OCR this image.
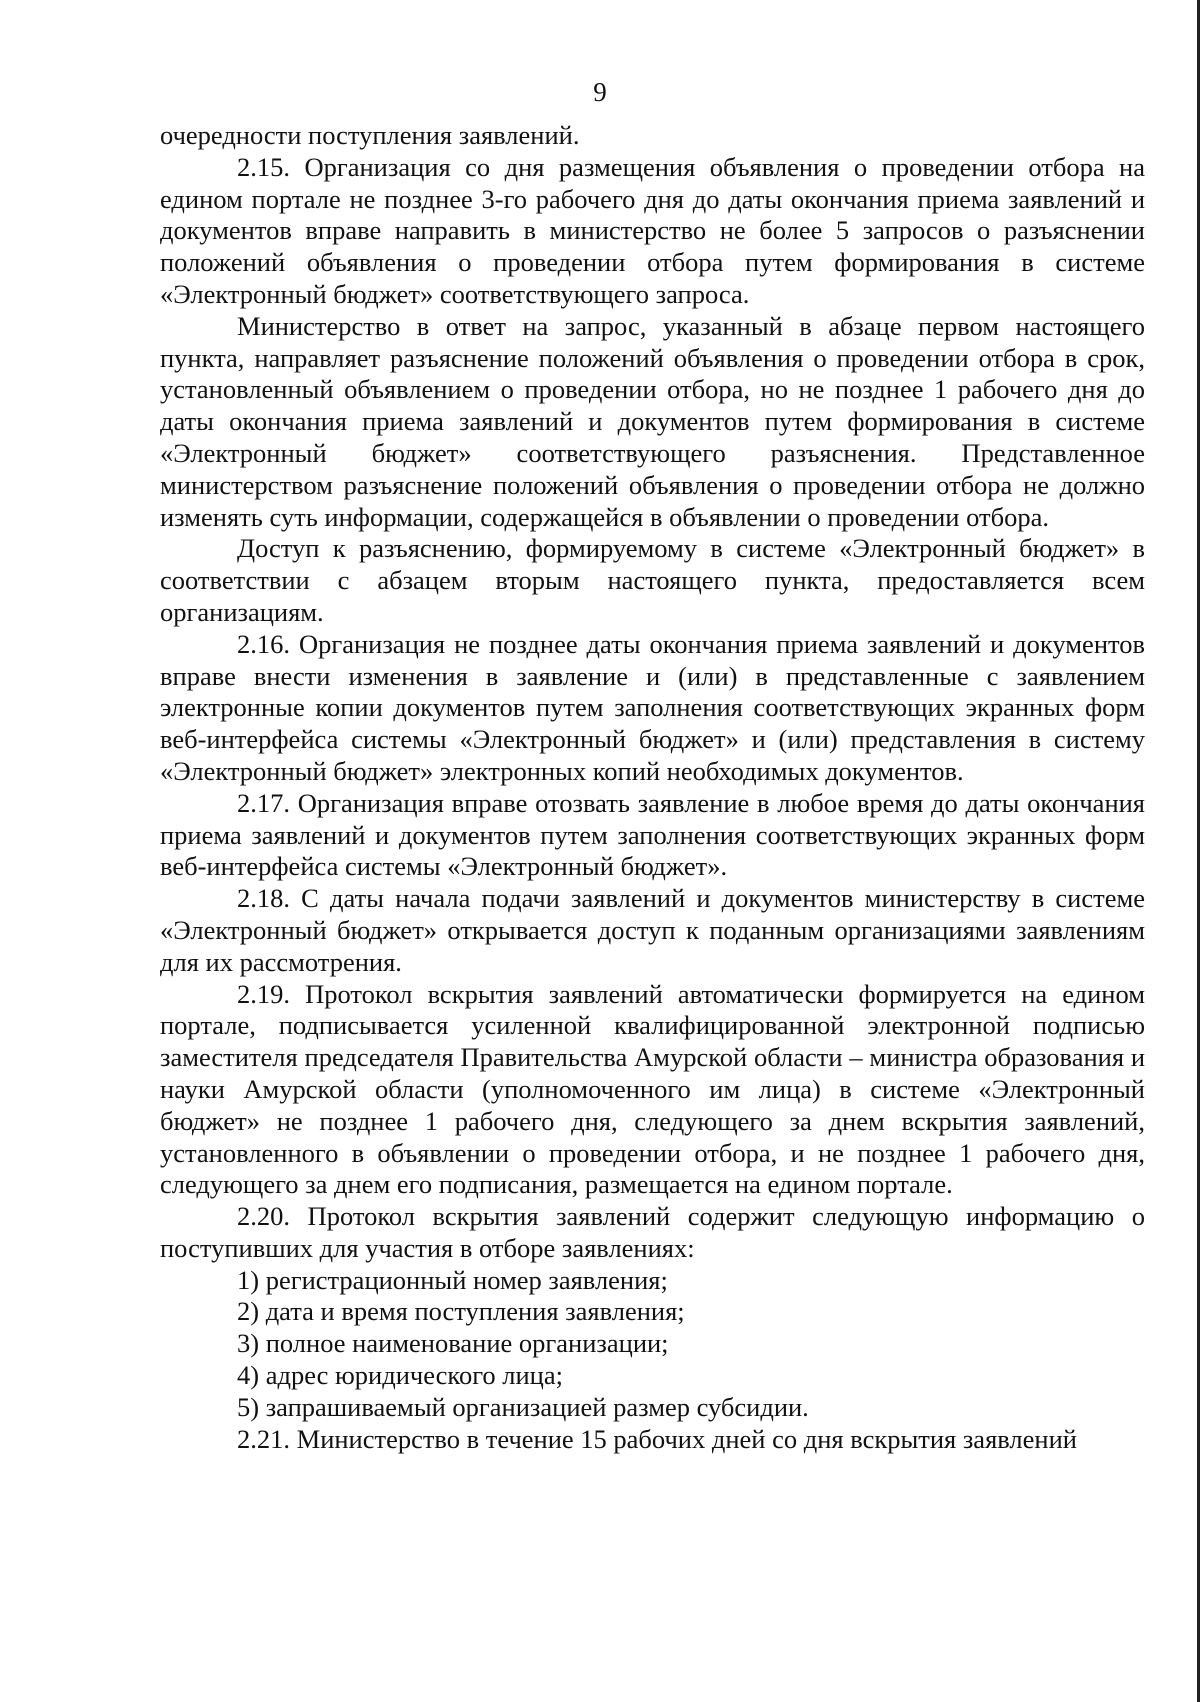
9

очередности поступления заявлений.

2.15. Организация со дня размещения объявления о проведении отбора на едином портале не позднее 3-го рабочего дня до даты окончания приема заявлений и документов вправе направить в министерство не более 5 запросов о разъяснении положений объявления о проведении отбора путем формирования в системе «Электронный бюджет» соответствующего запроса.

Министерство в ответ на запрос, указанный в абзаце первом настоящего пункта, направляет разъяснение положений объявления о проведении отбора в срок, установленный объявлением о проведении отбора, но не позднее 1 рабочего дня до даты окончания приема заявлений и документов путем формирования в системе «Электронный бюджет» соответствующего разъяснения. Представленное министерством разъяснение положений объявления о проведении отбора не должно изменять суть информации, содержащейся в объявлении о проведении отбора.

Доступ к разъяснению, формируемому в системе «Электронный бюджет» в соответствии с абзацем вторым настоящего пункта, предоставляется всем организациям.

2.16. Организация не позднее даты окончания приема заявлений и документов вправе внести изменения в заявление и (или) в представленные с заявлением электронные копии документов путем заполнения соответствующих экранных форм веб-интерфейса системы «Электронный бюджет» и (или) представления в систему «Электронный бюджет» электронных копий необходимых документов.

2.17. Организация вправе отозвать заявление в любое время до даты окончания приема заявлений и документов путем заполнения соответствующих экранных форм веб-интерфейса системы «Электронный бюджет».

2.18. С даты начала подачи заявлений и документов министерству в системе «Электронный бюджет» открывается доступ к поданным организациями заявлениям для их рассмотрения.

2.19. Протокол вскрытия заявлений автоматически формируется на едином портале, подписывается усиленной квалифицированной электронной подписью заместителя председателя Правительства Амурской области – министра образования и науки Амурской области (уполномоченного им лица) в системе «Электронный бюджет» не позднее 1 рабочего дня, следующего за днем вскрытия заявлений, установленного в объявлении о проведении отбора, и не позднее 1 рабочего дня, следующего за днем его подписания, размещается на едином портале.

2.20. Протокол вскрытия заявлений содержит следующую информацию о поступивших для участия в отборе заявлениях:

1) регистрационный номер заявления;

2) дата и время поступления заявления;

3) полное наименование организации;

4) адрес юридического лица;

5) запрашиваемый организацией размер субсидии.

2.21. Министерство в течение 15 рабочих дней со дня вскрытия заявлений
